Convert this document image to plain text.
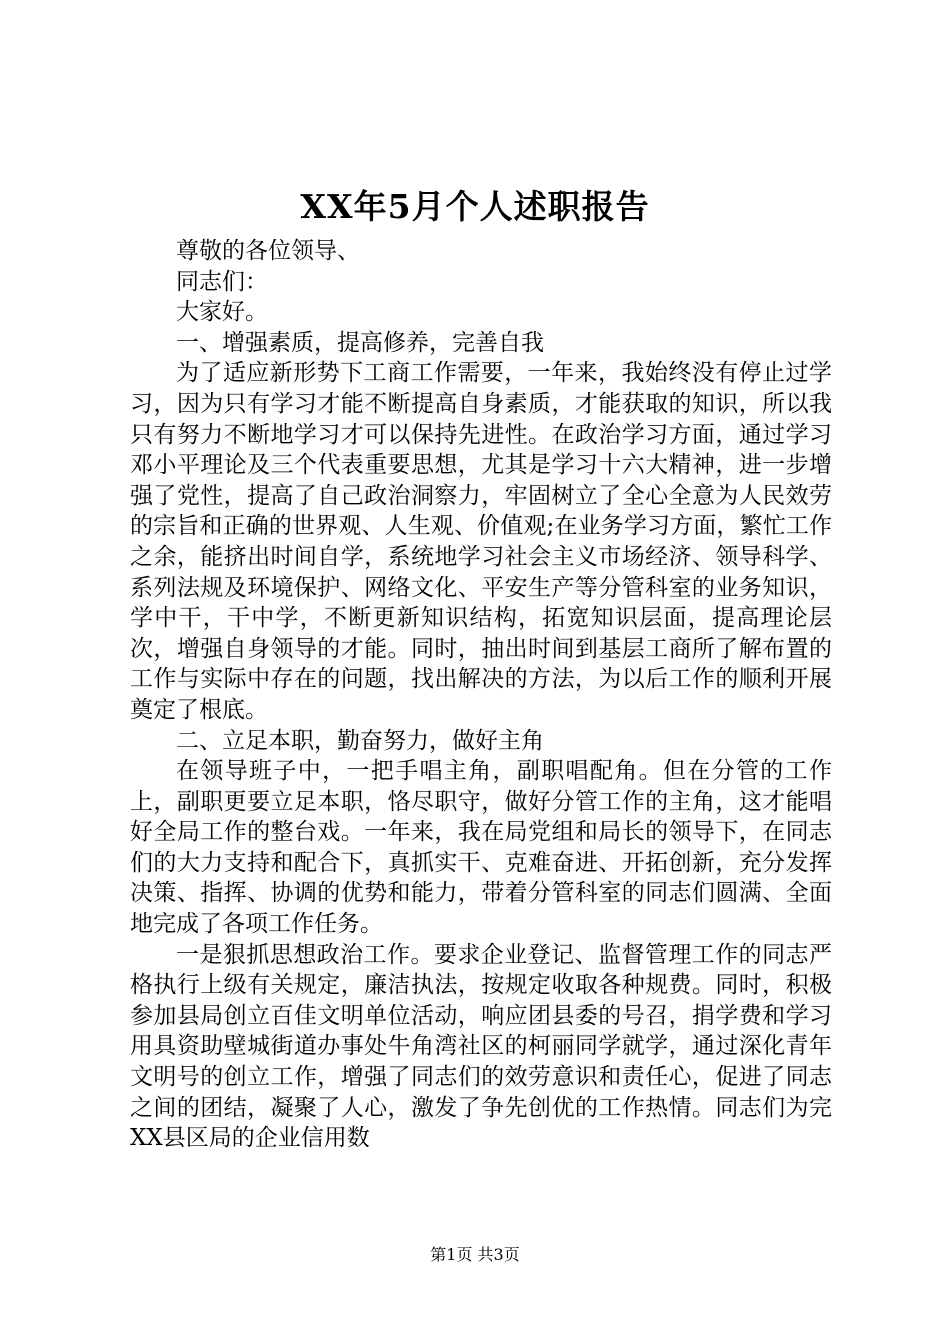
XX年5月个人述职报告

尊敬的各位领导、

同志们：

大家好。

一、增强素质，提高修养，完善自我

为了适应新形势下工商工作需要，一年来，我始终没有停止过学习，因为只有学习才能不断提高自身素质，才能获取的知识，所以我只有努力不断地学习才可以保持先进性。在政治学习方面，通过学习邓小平理论及三个代表重要思想，尤其是学习十六大精神，进一步增强了党性，提高了自己政治洞察力，牢固树立了全心全意为人民效劳的宗旨和正确的世界观、人生观、价值观;在业务学习方面，繁忙工作之余，能挤出时间自学，系统地学习社会主义市场经济、领导科学、系列法规及环境保护、网络文化、平安生产等分管科室的业务知识，学中干，干中学，不断更新知识结构，拓宽知识层面，提高理论层次，增强自身领导的才能。同时，抽出时间到基层工商所了解布置的工作与实际中存在的问题，找出解决的方法，为以后工作的顺利开展奠定了根底。

二、立足本职，勤奋努力，做好主角

在领导班子中，一把手唱主角，副职唱配角。但在分管的工作上，副职更要立足本职，恪尽职守，做好分管工作的主角，这才能唱好全局工作的整台戏。一年来，我在局党组和局长的领导下，在同志们的大力支持和配合下，真抓实干、克难奋进、开拓创新，充分发挥决策、指挥、协调的优势和能力，带着分管科室的同志们圆满、全面地完成了各项工作任务。

一是狠抓思想政治工作。要求企业登记、监督管理工作的同志严格执行上级有关规定，廉洁执法，按规定收取各种规费。同时，积极参加县局创立百佳文明单位活动，响应团县委的号召，捐学费和学习用具资助壁城街道办事处牛角湾社区的柯丽同学就学，通过深化青年文明号的创立工作，增强了同志们的效劳意识和责任心，促进了同志之间的团结，凝聚了人心，激发了争先创优的工作热情。同志们为完XX县区局的企业信用数

第1页 共3页
